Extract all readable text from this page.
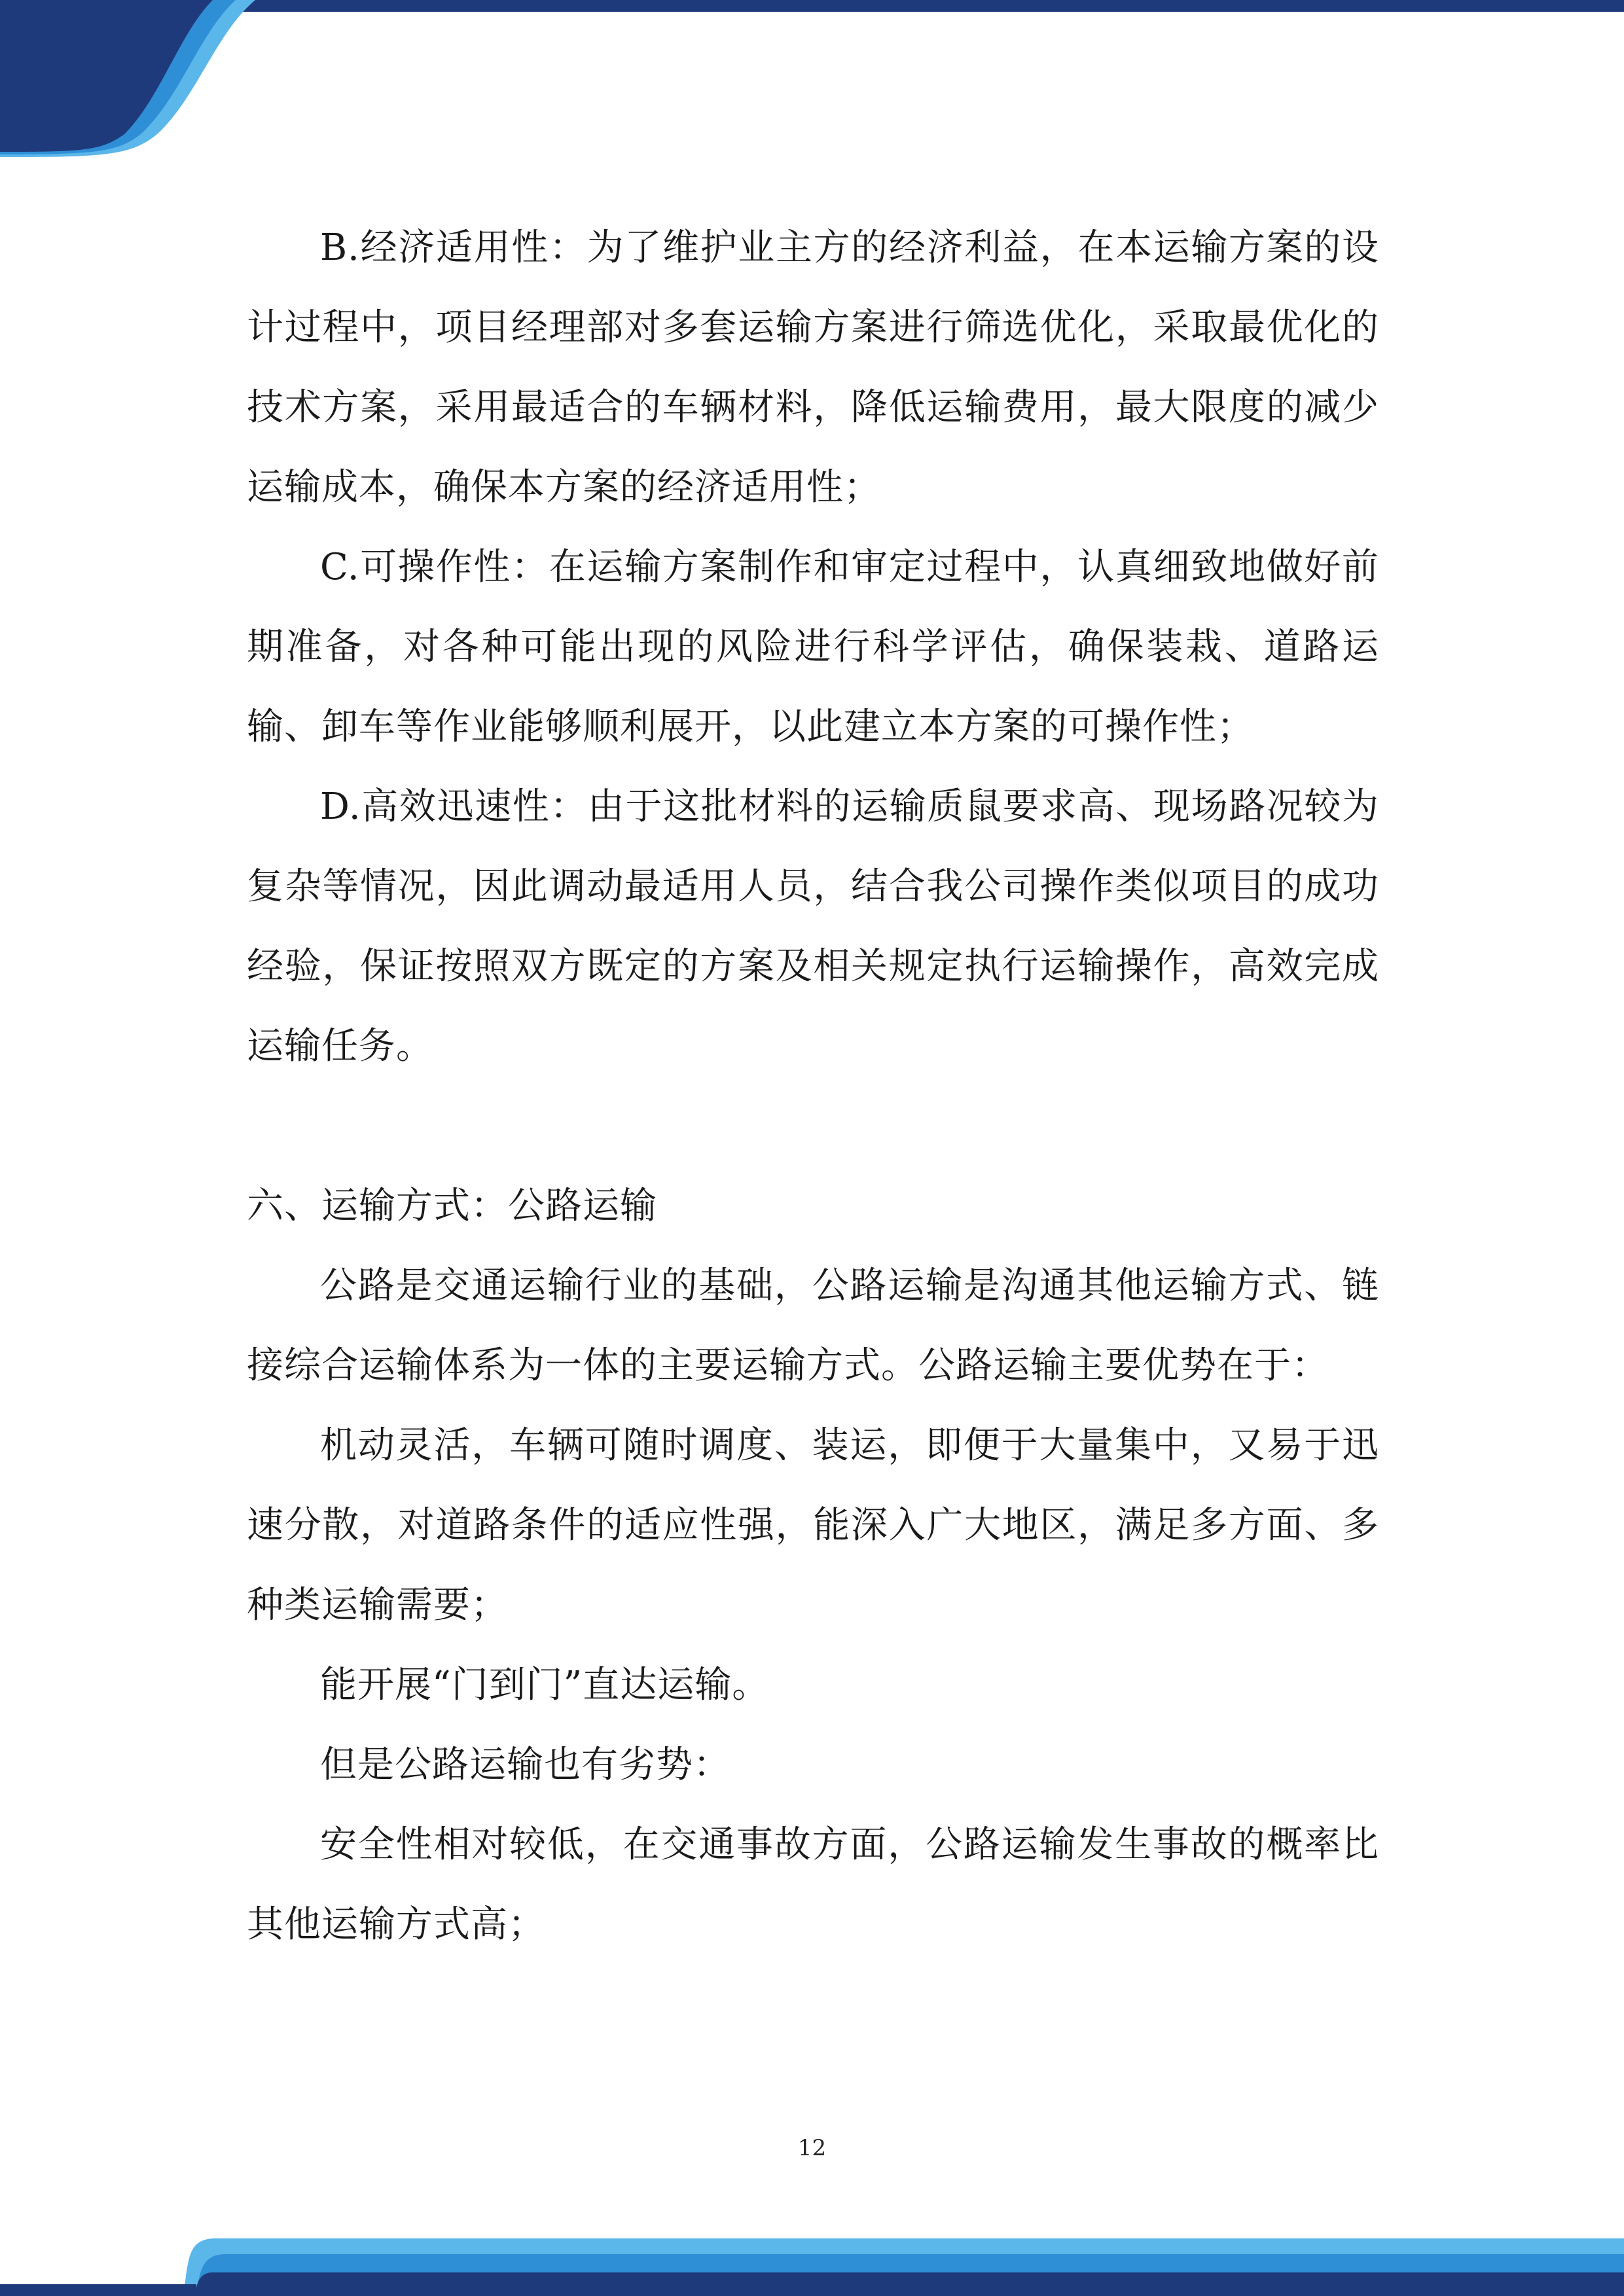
B.经济适用性：为了维护业主方的经济利益，在本运输方案的设计过程中，项目经理部对多套运输方案进行筛选优化，采取最优化的技术方案，采用最适合的车辆材料，降低运输费用，最大限度的减少运输成本，确保本方案的经济适用性；

C.可操作性：在运输方案制作和审定过程中，认真细致地做好前期准备，对各种可能出现的风险进行科学评估，确保装栽、道路运输、卸车等作业能够顺利展开，以此建立本方案的可操作性；

D.高效迅速性：由于这批材料的运输质鼠要求高、现场路况较为复杂等情况，因此调动最适用人员，结合我公司操作类似项目的成功经验，保证按照双方既定的方案及相关规定执行运输操作，高效完成运输任务。

六、运输方式：公路运输

公路是交通运输行业的基础，公路运输是沟通其他运输方式、链接综合运输体系为一体的主要运输方式。公路运输主要优势在于：

机动灵活，车辆可随时调度、装运，即便于大量集中，又易于迅速分散，对道路条件的适应性强，能深入广大地区，满足多方面、多种类运输需要；

能开展“门到门”直达运输。

但是公路运输也有劣势：

安全性相对较低，在交通事故方面，公路运输发生事故的概率比其他运输方式高；

12
